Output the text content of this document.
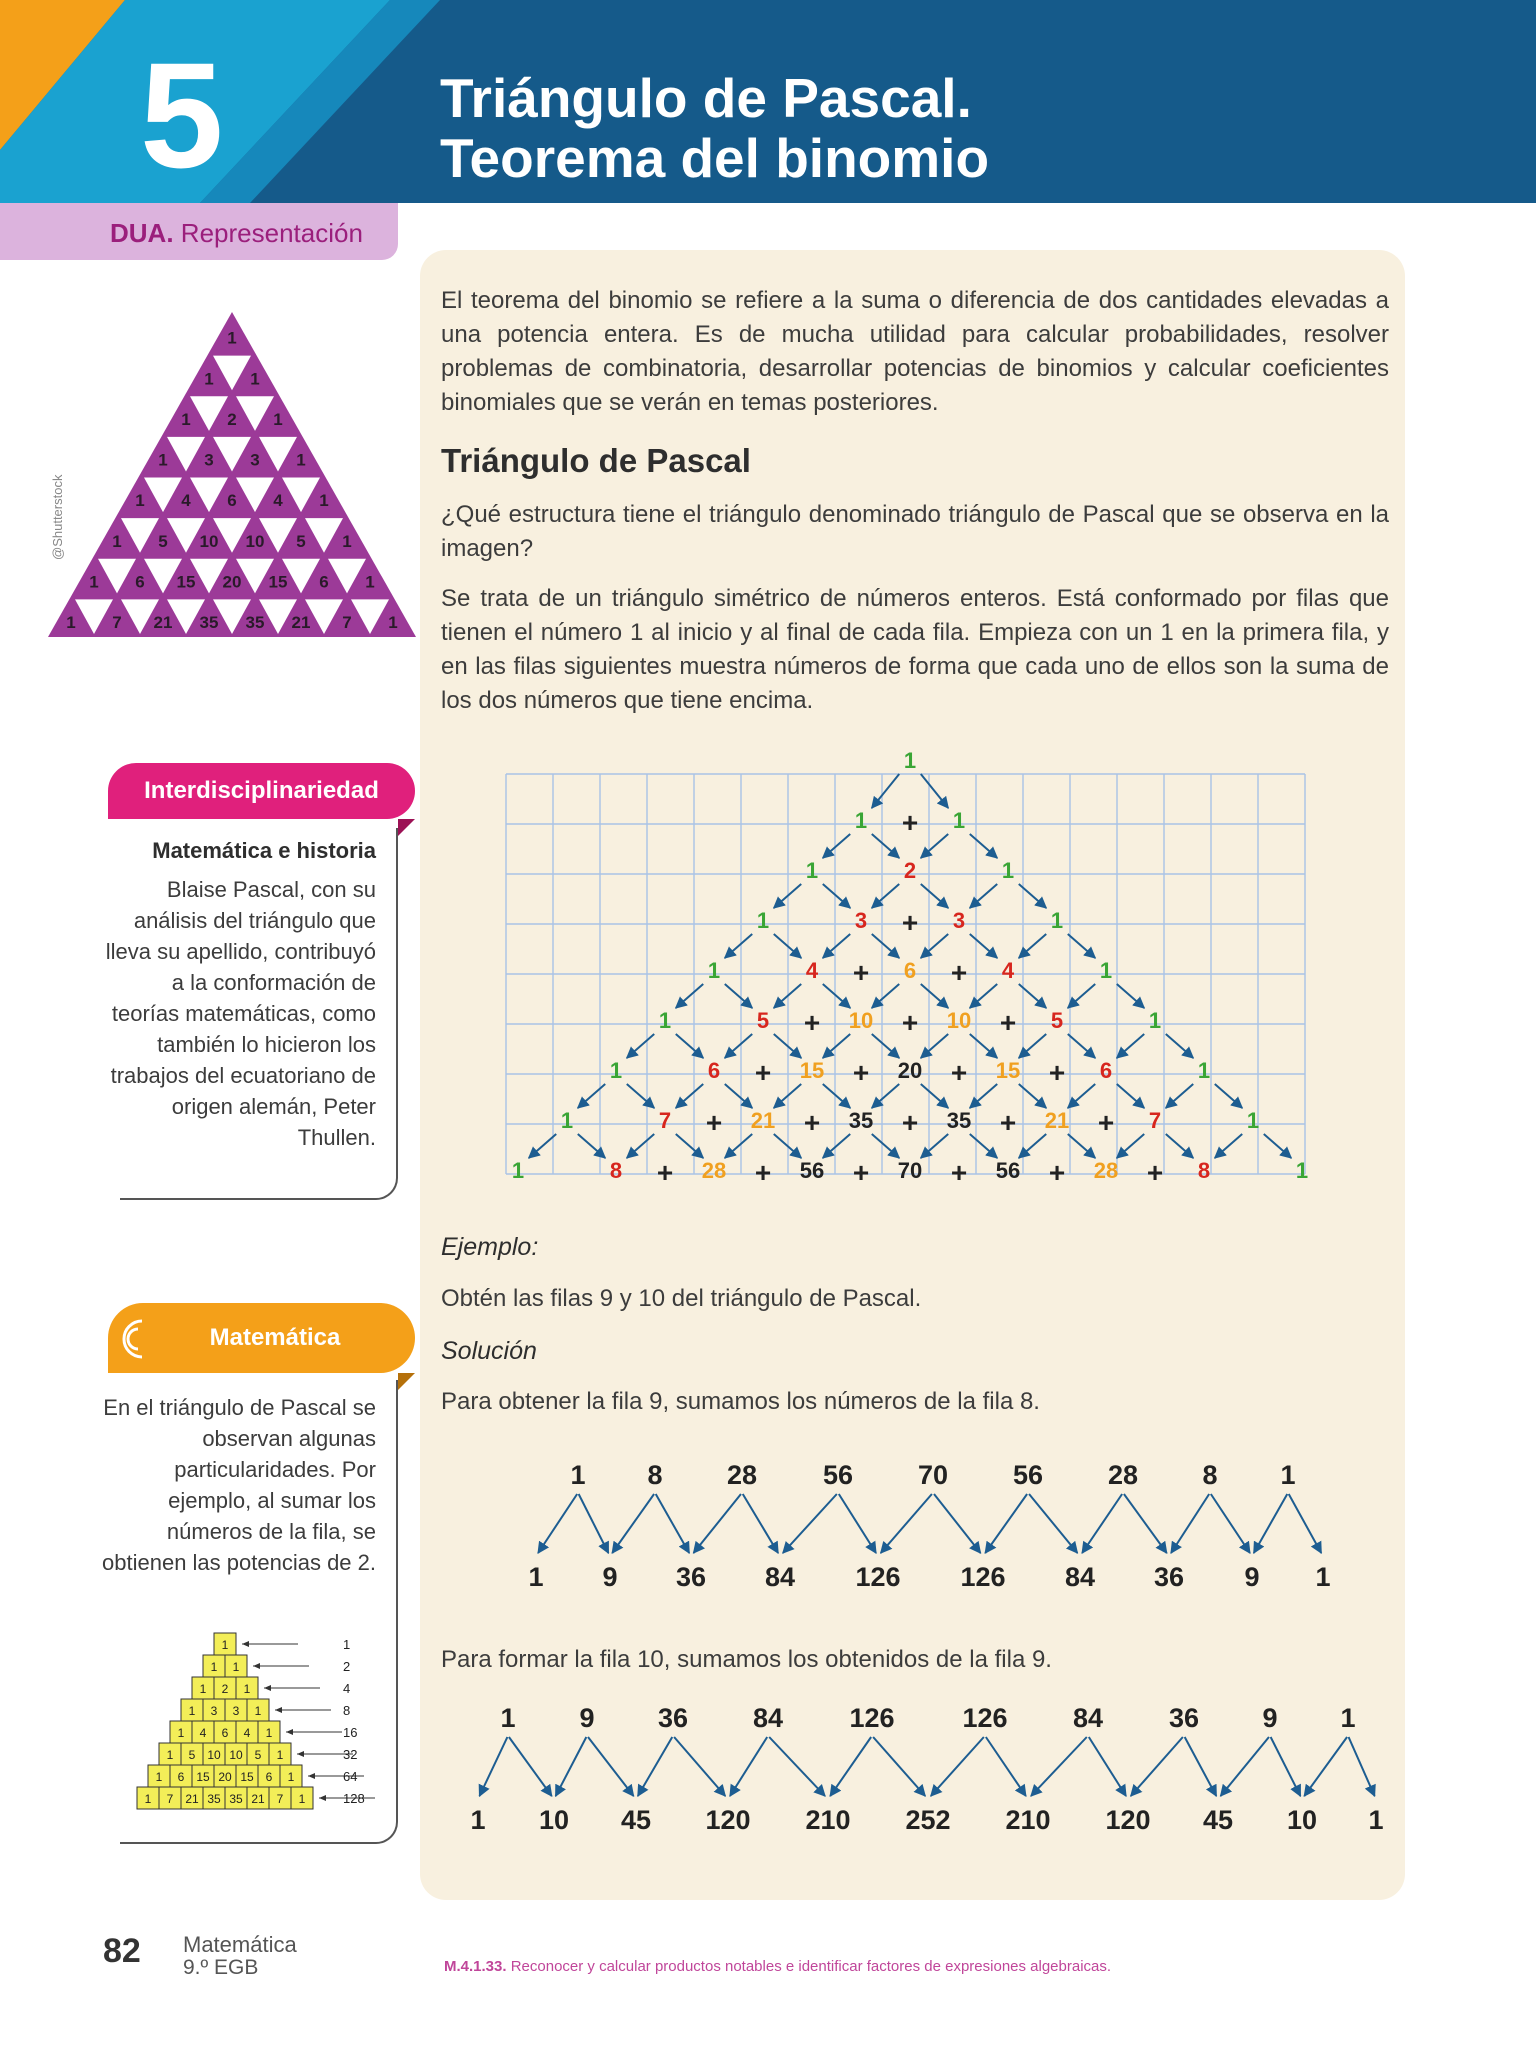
5	Triángulo de Pascal.
Teorema del binomio
DUA. Representación
1
1 1
1 2 1
1 3 3 1
1 4 6 4 1
1 5 10 10 5 1
1 6 15 20 15 6 1
1 7 21 35 35 21 7 1
@Shutterstock
El teorema del binomio se refiere a la suma o diferencia de dos cantidades elevadas a una potencia entera. Es de mucha utilidad para calcular probabilidades, resolver problemas de combinatoria, desarrollar potencias de binomios y calcular coeficientes binomiales que se verán en temas posteriores.
Triángulo de Pascal
¿Qué estructura tiene el triángulo denominado triángulo de Pascal que se observa en la imagen?
Se trata de un triángulo simétrico de números enteros. Está conformado por filas que tienen el número 1 al inicio y al final de cada fila. Empieza con un 1 en la primera fila, y en las filas siguientes muestra números de forma que cada uno de ellos son la suma de los dos números que tiene encima.
1
1	1
+
1	2	1
1	3	3	1
+
1	4	6	4	1
+	+
1	5	10	10	5	1
+	+	+
1	6	15	20	15	6	1
+	+	+	+
1	7	21	35	35	21	7	1
+	+	+	+	+
1	8	28	56	70	56	28	8	1
+	+	+	+	+	+
Ejemplo:
Obtén las filas 9 y 10 del triángulo de Pascal.
Solución
Para obtener la fila 9, sumamos los números de la fila 8.
1 8 28 56 70 56 28 8 1
1 9 36 84 126 126 84 36 9 1
Para formar la fila 10, sumamos los obtenidos de la fila 9.
1 9 36 84 126	126 84 36 9 1
1 10 45 120 210 252 210 120 45 10 1
Interdisciplinariedad
Matemática e historia
Blaise Pascal, con su análisis del triángulo que lleva su apellido, contribuyó a la conformación de teorías matemáticas, como también lo hicieron los trabajos del ecuatoriano de origen alemán, Peter Thullen.
Matemática
En el triángulo de Pascal se observan algunas particularidades. Por ejemplo, al sumar los números de la fila, se obtienen las potencias de 2.
1	1
1 1	2
1 2 1	4
1 3 3 1	8
1 4 6 4 1	16
1 5 10 10 5 1	32
1 6 15 20 15 6 1	64
1 7 21 35 35 21 7 1	128
82 Matemática
9.º EGB	M.4.1.33. Reconocer y calcular productos notables e identificar factores de expresiones algebraicas.
